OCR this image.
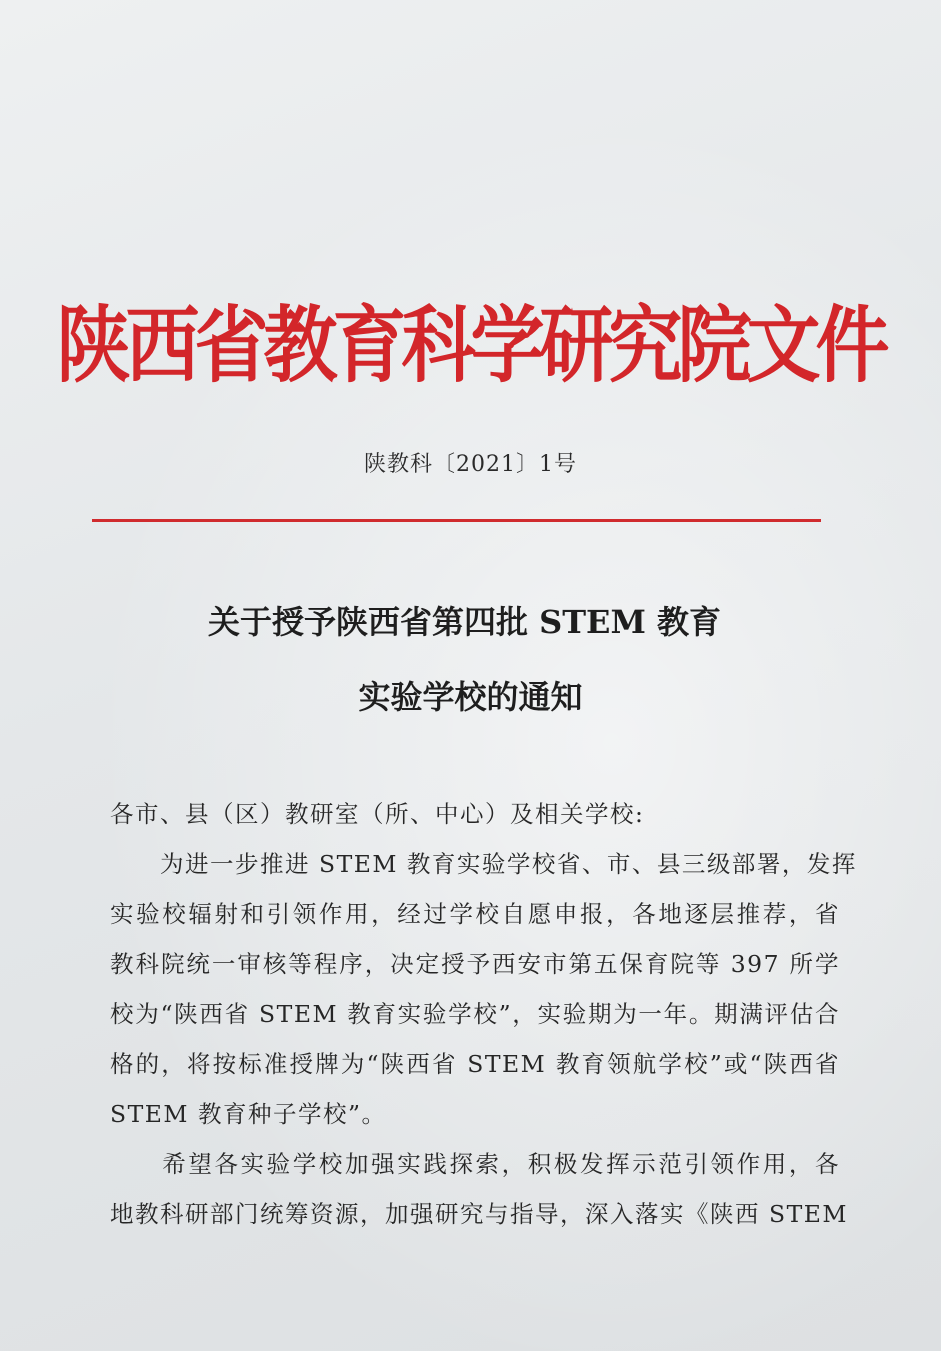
陕西省教育科学研究院文件
陕教科〔2021〕1号
关于授予陕西省第四批 STEM 教育
实验学校的通知
各市、县（区）教研室（所、中心）及相关学校:
　　为进一步推进 STEM 教育实验学校省、市、县三级部署，发挥
实验校辐射和引领作用，经过学校自愿申报，各地逐层推荐，省
教科院统一审核等程序，决定授予西安市第五保育院等 397 所学
校为“陕西省 STEM 教育实验学校”，实验期为一年。期满评估合
格的，将按标准授牌为“陕西省 STEM 教育领航学校”或“陕西省
STEM 教育种子学校”。
　　希望各实验学校加强实践探索，积极发挥示范引领作用，各
地教科研部门统筹资源，加强研究与指导，深入落实《陕西 STEM
